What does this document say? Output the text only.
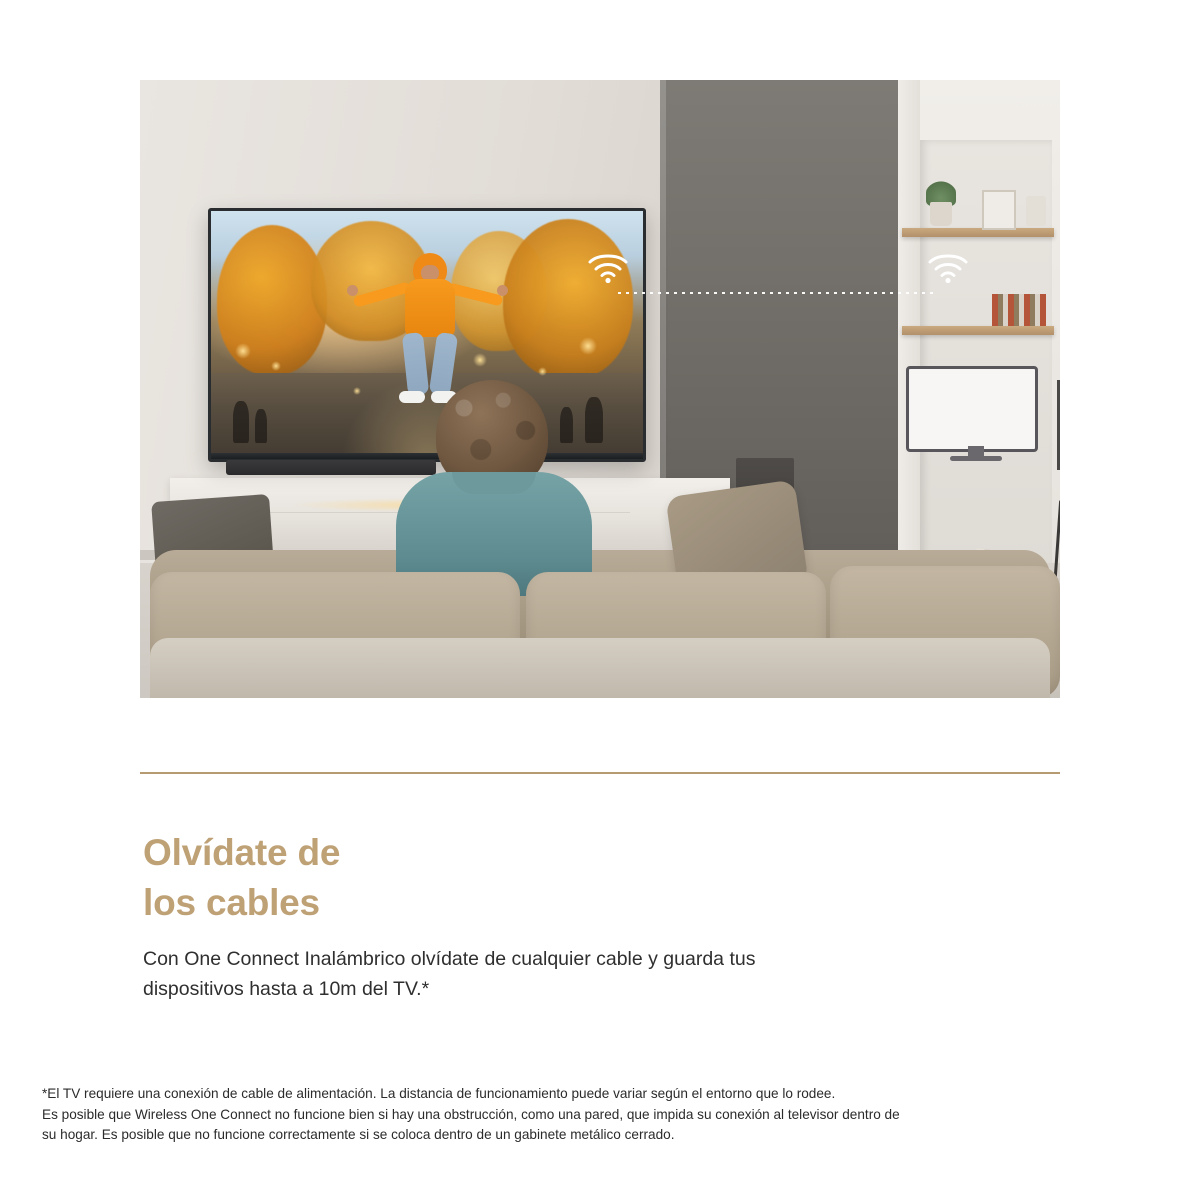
Olvídate de
los cables
Con One Connect Inalámbrico olvídate de cualquier cable y guarda tus
dispositivos hasta a 10m del TV.*
*El TV requiere una conexión de cable de alimentación. La distancia de funcionamiento puede variar según el entorno que lo rodee.
Es posible que Wireless One Connect no funcione bien si hay una obstrucción, como una pared, que impida su conexión al televisor dentro de
su hogar. Es posible que no funcione correctamente si se coloca dentro de un gabinete metálico cerrado.
